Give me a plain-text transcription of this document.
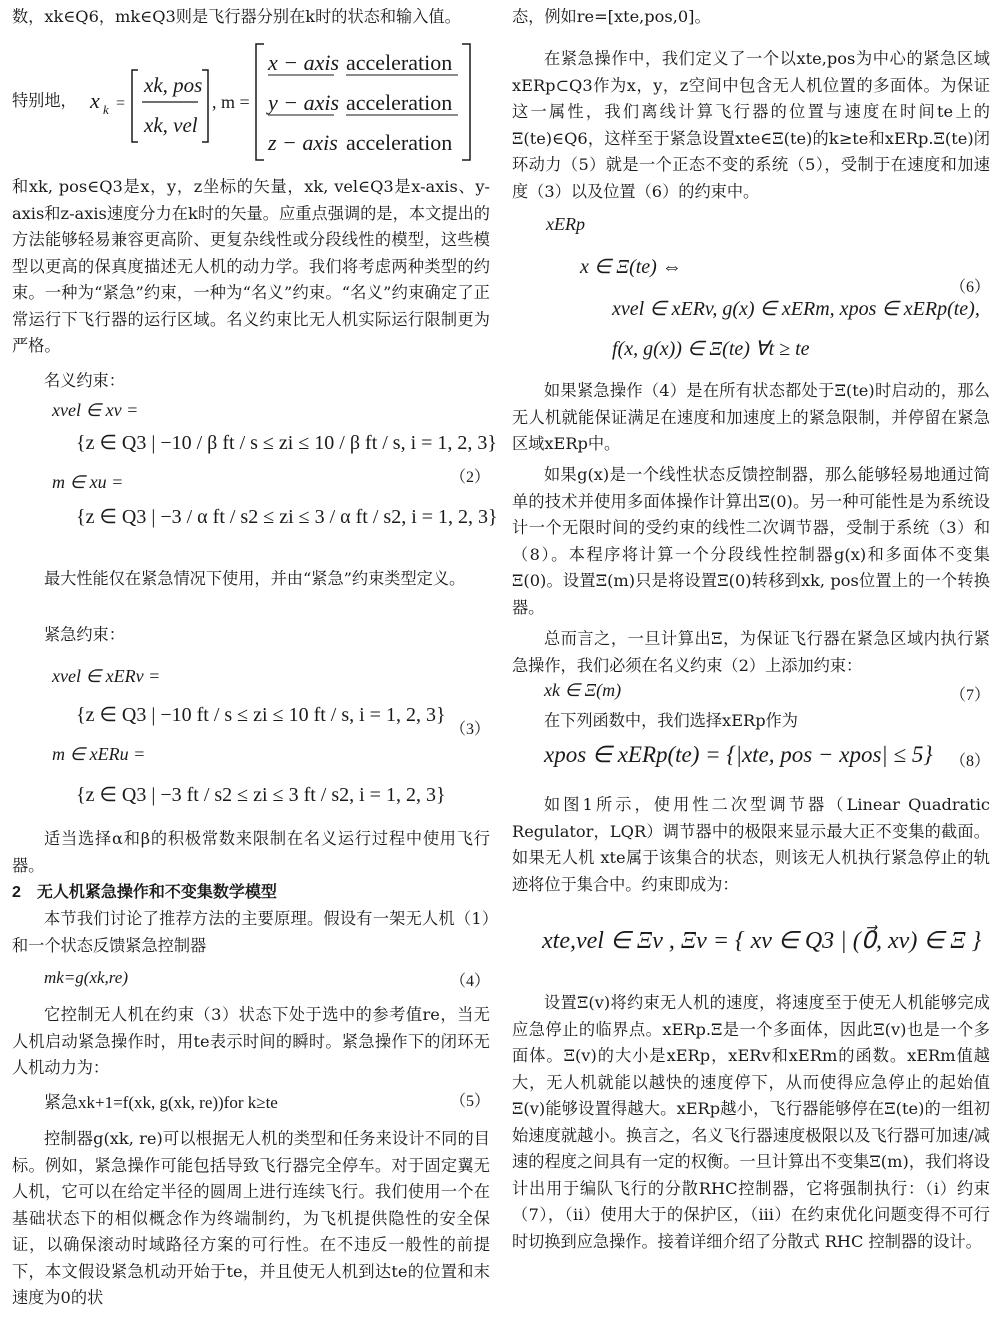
数，xk∈Q6，mk∈Q3则是飞行器分别在k时的状态和输入值。

特别地， x k =
xk, pos
xk, vel
, m =
x − axis acceleration
y − axis acceleration
z − axis acceleration

和xk, pos∈Q3是x，y，z坐标的矢量，xk, vel∈Q3是x-axis、y-axis和z-axis速度分力在k时的矢量。应重点强调的是，本文提出的方法能够轻易兼容更高阶、更复杂线性或分段线性的模型，这些模型以更高的保真度描述无人机的动力学。我们将考虑两种类型的约束。一种为“紧急”约束，一种为“名义”约束。“名义”约束确定了正常运行下飞行器的运行区域。名义约束比无人机实际运行限制更为严格。

名义约束：

xvel ∈ xv =
{z ∈ Q3 | −10 / β ft / s ≤ zi ≤ 10 / β ft / s, i = 1, 2, 3}
m ∈ xu =
{z ∈ Q3 | −3 / α ft / s2 ≤ zi ≤ 3 / α ft / s2, i = 1, 2, 3}
（2）

最大性能仅在紧急情况下使用，并由“紧急”约束类型定义。

紧急约束：

xvel ∈ xERv =
{z ∈ Q3 | −10 ft / s ≤ zi ≤ 10 ft / s, i = 1, 2, 3}
m ∈ xERu =
{z ∈ Q3 | −3 ft / s2 ≤ zi ≤ 3 ft / s2, i = 1, 2, 3}
（3）

适当选择α和β的积极常数来限制在名义运行过程中使用飞行器。

2　无人机紧急操作和不变集数学模型

本节我们讨论了推荐方法的主要原理。假设有一架无人机（1）和一个状态反馈紧急控制器

mk=g(xk,re)	（4）

它控制无人机在约束（3）状态下处于选中的参考值re，当无人机启动紧急操作时，用te表示时间的瞬时。紧急操作下的闭环无人机动力为：

紧急xk+1=f(xk, g(xk, re))for k≥te	（5）

控制器g(xk, re)可以根据无人机的类型和任务来设计不同的目标。例如，紧急操作可能包括导致飞行器完全停车。对于固定翼无人机，它可以在给定半径的圆周上进行连续飞行。我们使用一个在基础状态下的相似概念作为终端制约，为飞机提供隐性的安全保证，以确保滚动时域路径方案的可行性。在不违反一般性的前提下，本文假设紧急机动开始于te，并且使无人机到达te的位置和末速度为0的状

态，例如re=[xte,pos,0]。

在紧急操作中，我们定义了一个以xte,pos为中心的紧急区域xERp⊂Q3作为x，y，z空间中包含无人机位置的多面体。为保证这一属性，我们离线计算飞行器的位置与速度在时间te上的Ξ(te)∈Q6，这样至于紧急设置xte∈Ξ(te)的k≥te和xERp.Ξ(te)闭环动力（5）就是一个正态不变的系统（5），受制于在速度和加速度（3）以及位置（6）的约束中。

xERp
x ∈ Ξ(te) ⇔
xvel ∈ xERv, g(x) ∈ xERm, xpos ∈ xERp(te),
f(x, g(x)) ∈ Ξ(te) ∀t ≥ te
（6）

如果紧急操作（4）是在所有状态都处于Ξ(te)时启动的，那么无人机就能保证满足在速度和加速度上的紧急限制，并停留在紧急区域xERp中。

如果g(x)是一个线性状态反馈控制器，那么能够轻易地通过简单的技术并使用多面体操作计算出Ξ(0)。另一种可能性是为系统设计一个无限时间的受约束的线性二次调节器，受制于系统（3）和（8）。本程序将计算一个分段线性控制器g(x)和多面体不变集Ξ(0)。设置Ξ(m)只是将设置Ξ(0)转移到xk, pos位置上的一个转换器。

总而言之，一旦计算出Ξ，为保证飞行器在紧急区域内执行紧急操作，我们必须在名义约束（2）上添加约束：

xk ∈ Ξ(m)	（7）

在下列函数中，我们选择xERp作为

xpos ∈ xERp(te) = {|xte, pos − xpos| ≤ 5} （8）

如图1所示，使用性二次型调节器（Linear Quadratic Regulator，LQR）调节器中的极限来显示最大正不变集的截面。如果无人机 xte属于该集合的状态，则该无人机执行紧急停止的轨迹将位于集合中。约束即成为：

xte,vel ∈ Ξv , Ξv = { xv ∈ Q3 | (0⃗, xv) ∈ Ξ }

设置Ξ(v)将约束无人机的速度，将速度至于使无人机能够完成应急停止的临界点。xERp.Ξ是一个多面体，因此Ξ(v)也是一个多面体。Ξ(v)的大小是xERp，xERv和xERm的函数。xERm值越大，无人机就能以越快的速度停下，从而使得应急停止的起始值Ξ(v)能够设置得越大。xERp越小，飞行器能够停在Ξ(te)的一组初始速度就越小。换言之，名义飞行器速度极限以及飞行器可加速/减速的程度之间具有一定的权衡。一旦计算出不变集Ξ(m)，我们将设计出用于编队飞行的分散RHC控制器，它将强制执行：（i）约束（7），（ii）使用大于的保护区，（iii）在约束优化问题变得不可行时切换到应急操作。接着详细介绍了分散式 RHC 控制器的设计。
